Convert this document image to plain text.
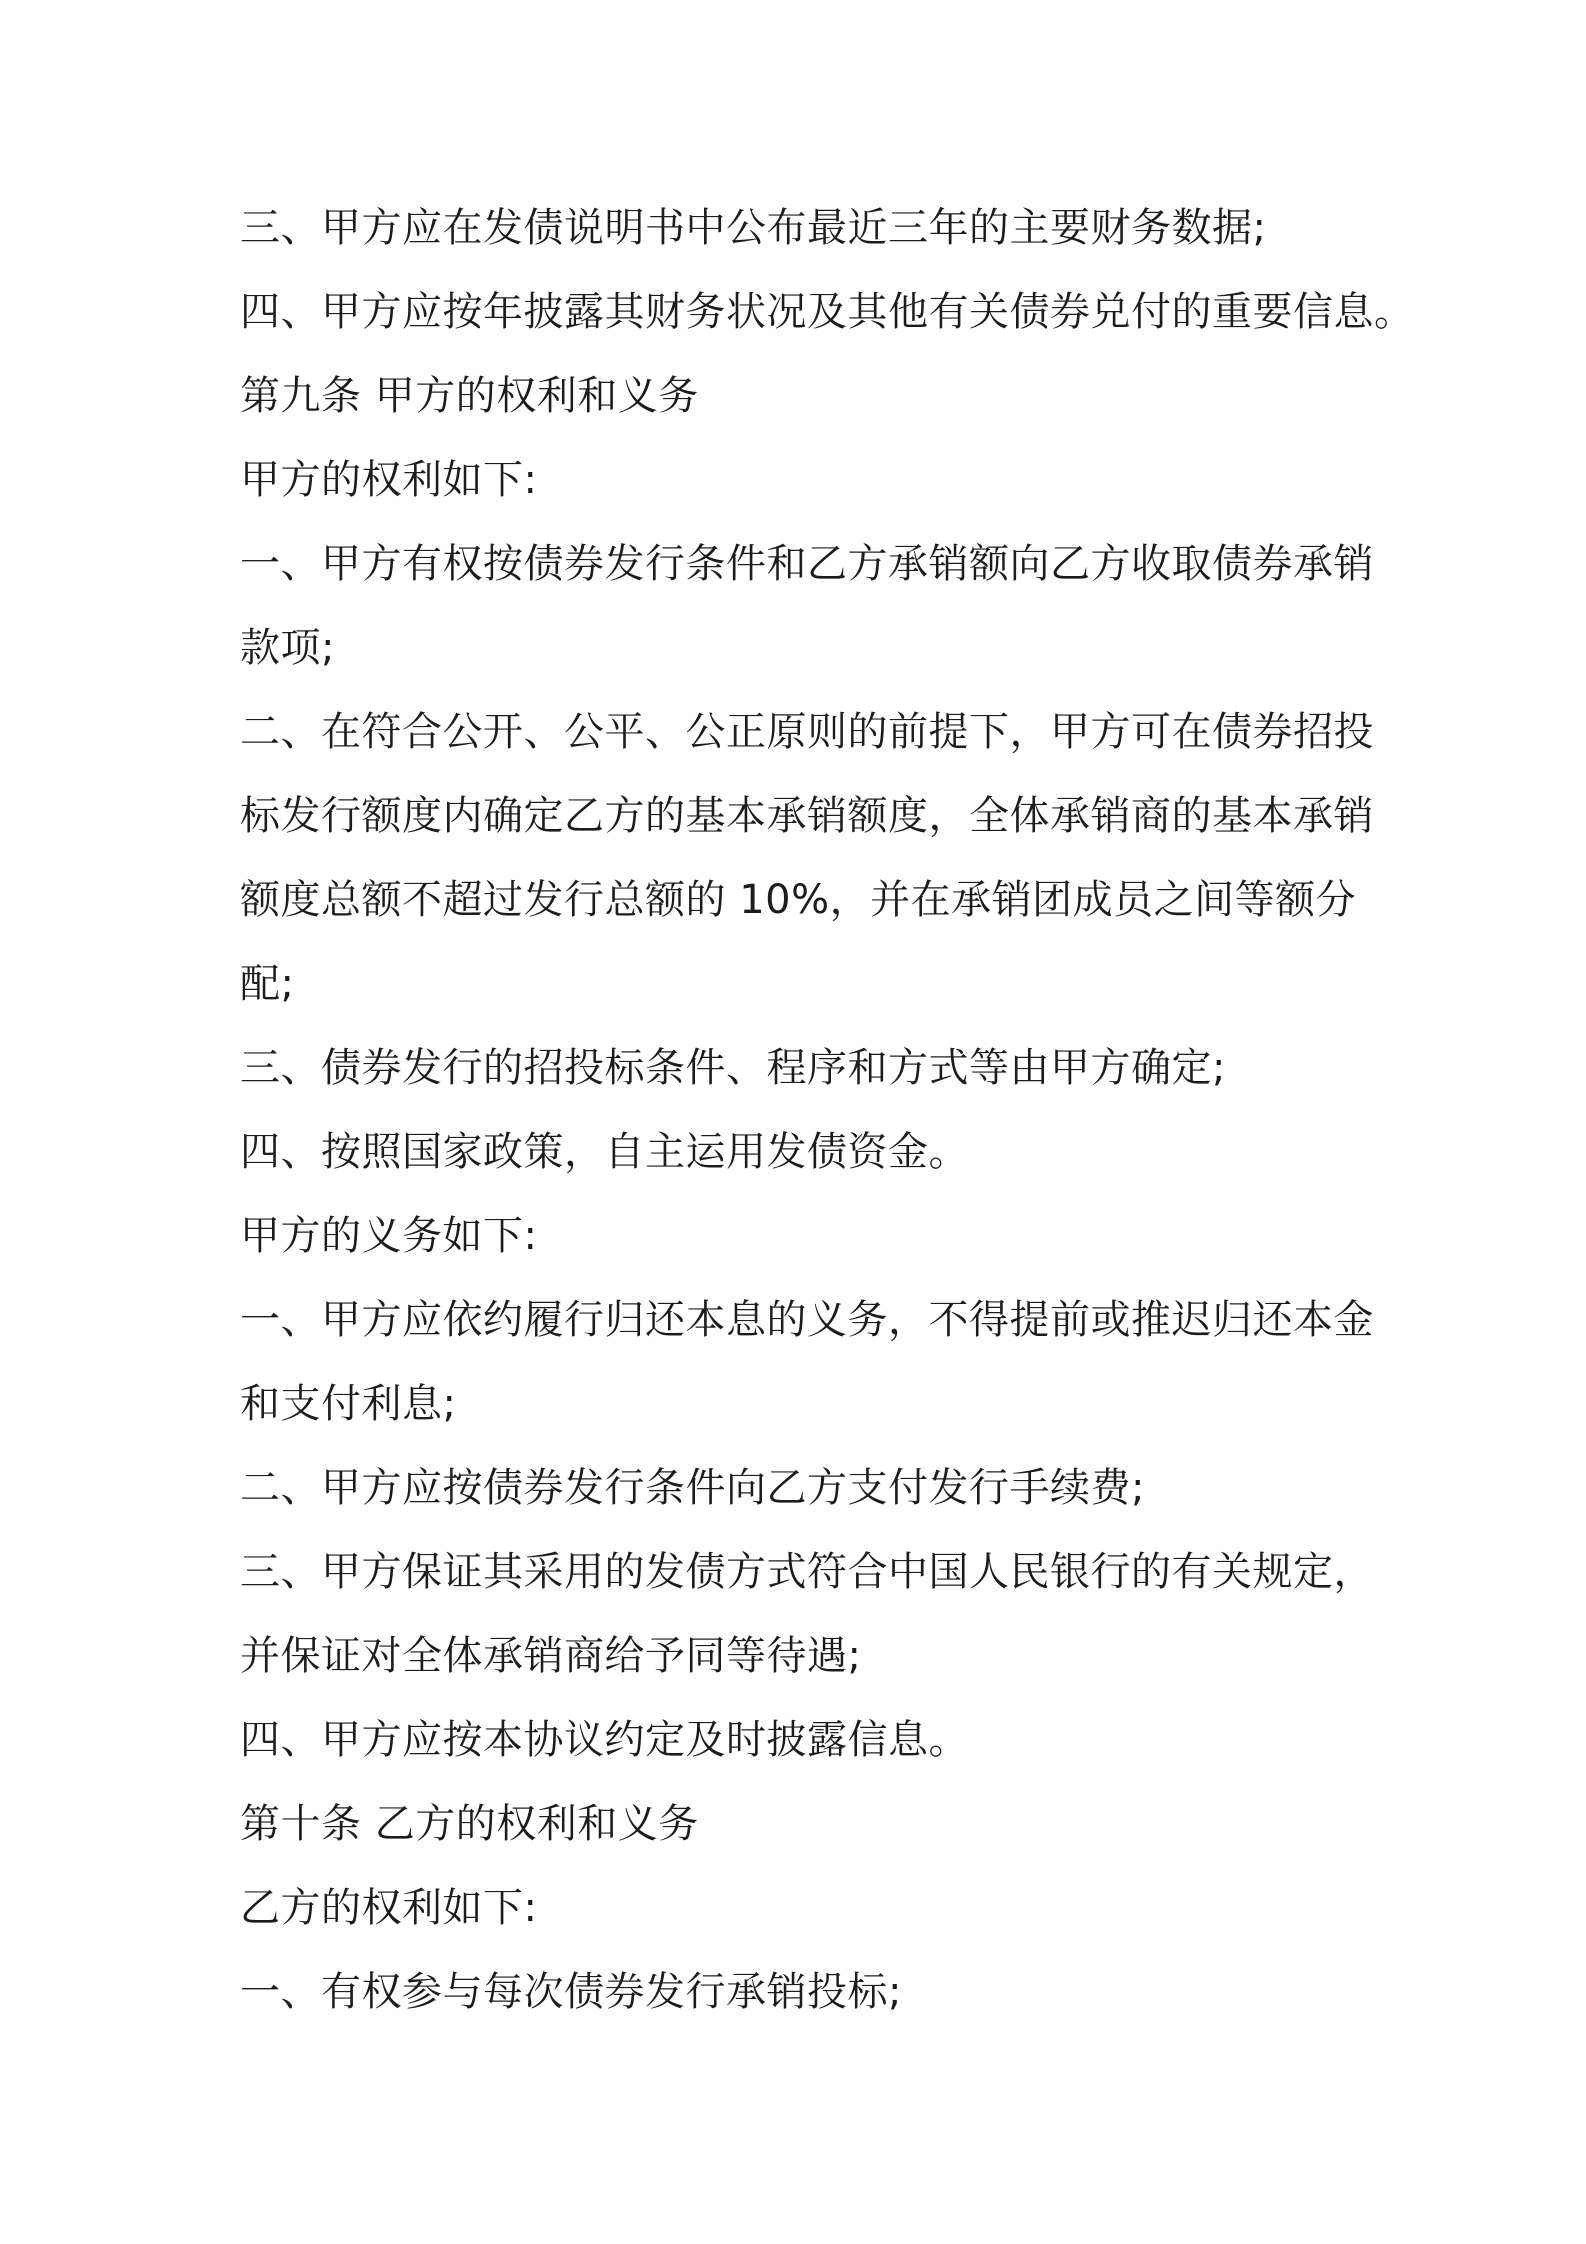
三、甲方应在发债说明书中公布最近三年的主要财务数据;
四、甲方应按年披露其财务状况及其他有关债券兑付的重要信息。
第九条 甲方的权利和义务
甲方的权利如下:
一、甲方有权按债券发行条件和乙方承销额向乙方收取债券承销
款项;
二、在符合公开、公平、公正原则的前提下，甲方可在债券招投
标发行额度内确定乙方的基本承销额度，全体承销商的基本承销
额度总额不超过发行总额的 10%，并在承销团成员之间等额分
配;
三、债券发行的招投标条件、程序和方式等由甲方确定;
四、按照国家政策，自主运用发债资金。
甲方的义务如下:
一、甲方应依约履行归还本息的义务，不得提前或推迟归还本金
和支付利息;
二、甲方应按债券发行条件向乙方支付发行手续费;
三、甲方保证其采用的发债方式符合中国人民银行的有关规定，
并保证对全体承销商给予同等待遇;
四、甲方应按本协议约定及时披露信息。
第十条 乙方的权利和义务
乙方的权利如下:
一、有权参与每次债券发行承销投标;
